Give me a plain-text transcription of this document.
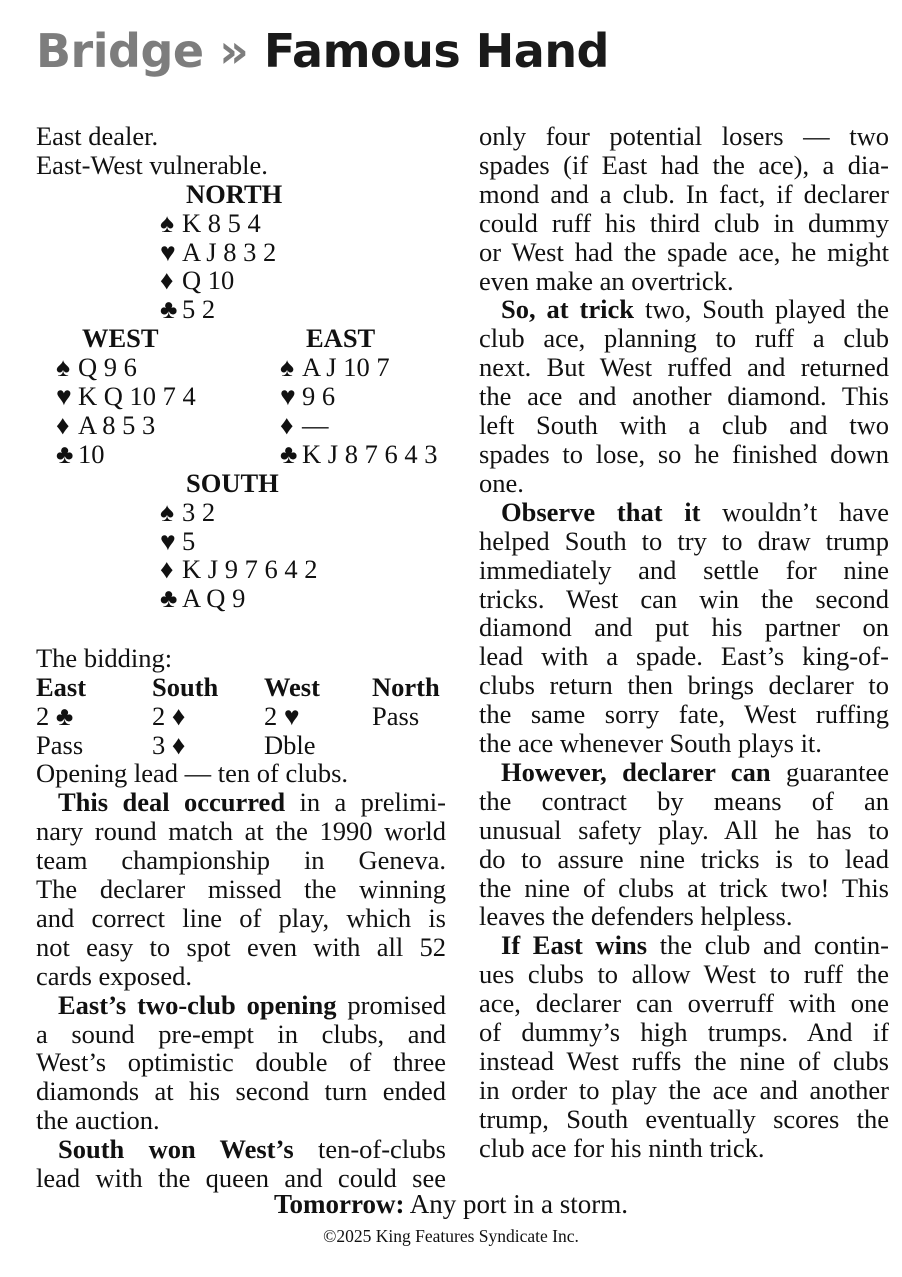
Bridge » Famous Hand
East dealer.
East-West vulnerable.
NORTH
♠ K 8 5 4
♥ A J 8 3 2
♦ Q 10
♣ 5 2
WEST
♠ Q 9 6
♥ K Q 10 7 4
♦ A 8 5 3
♣ 10
EAST
♠ A J 10 7
♥ 9 6
♦ —
♣ K J 8 7 6 4 3
SOUTH
♠ 3 2
♥ 5
♦ K J 9 7 6 4 2
♣ A Q 9
The bidding:
East	South	West	North
2 ♣	2 ♦	2 ♥	Pass
Pass	3 ♦	Dble
Opening lead — ten of clubs.
This deal occurred in a prelimi-
nary round match at the 1990 world
team championship in Geneva.
The declarer missed the winning
and correct line of play, which is
not easy to spot even with all 52
cards exposed.
East’s two-club opening promised
a sound pre-empt in clubs, and
West’s optimistic double of three
diamonds at his second turn ended
the auction.
South won West’s ten-of-clubs
lead with the queen and could see
only four potential losers — two
spades (if East had the ace), a dia-
mond and a club. In fact, if declarer
could ruff his third club in dummy
or West had the spade ace, he might
even make an overtrick.
So, at trick two, South played the
club ace, planning to ruff a club
next. But West ruffed and returned
the ace and another diamond. This
left South with a club and two
spades to lose, so he finished down
one.
Observe that it wouldn’t have
helped South to try to draw trump
immediately and settle for nine
tricks. West can win the second
diamond and put his partner on
lead with a spade. East’s king-of-
clubs return then brings declarer to
the same sorry fate, West ruffing
the ace whenever South plays it.
However, declarer can guarantee
the contract by means of an
unusual safety play. All he has to
do to assure nine tricks is to lead
the nine of clubs at trick two! This
leaves the defenders helpless.
If East wins the club and contin-
ues clubs to allow West to ruff the
ace, declarer can overruff with one
of dummy’s high trumps. And if
instead West ruffs the nine of clubs
in order to play the ace and another
trump, South eventually scores the
club ace for his ninth trick.
Tomorrow: Any port in a storm.
©2025 King Features Syndicate Inc.
